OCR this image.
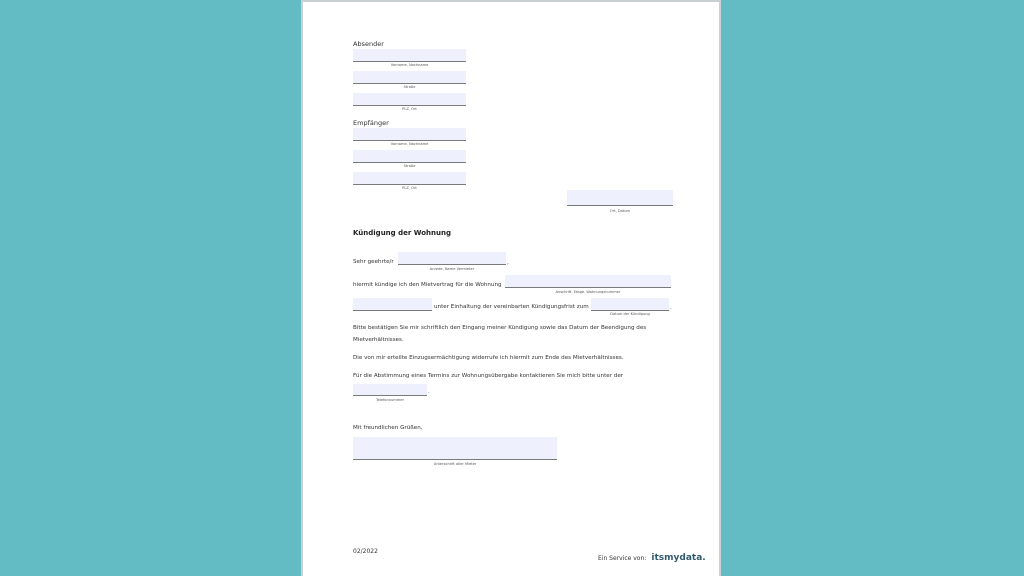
Absender
Vorname, Nachname
Straße
PLZ, Ort
Empfänger
Vorname, Nachname
Straße
PLZ, Ort
Ort, Datum
Kündigung der Wohnung
Sehr geehrte/r	,
Anrede, Name Vermieter
hiermit kündige ich den Mietvertrag für die Wohnung
Anschrift, Etage, Wohnungsnummer
unter Einhaltung der vereinbarten Kündigungsfrist zum	.
Datum der Kündigung
Bitte bestätigen Sie mir schriftlich den Eingang meiner Kündigung sowie das Datum der Beendigung des Mietverhältnisses.
Die von mir erteilte Einzugsermächtigung widerrufe ich hiermit zum Ende des Mietverhältnisses.
Für die Abstimmung eines Termins zur Wohnungsübergabe kontaktieren Sie mich bitte unter der
.
Telefonnummer
Mit freundlichen Grüßen,
Unterschrift aller Mieter
02/2022
Ein Service von: itsmydata.
